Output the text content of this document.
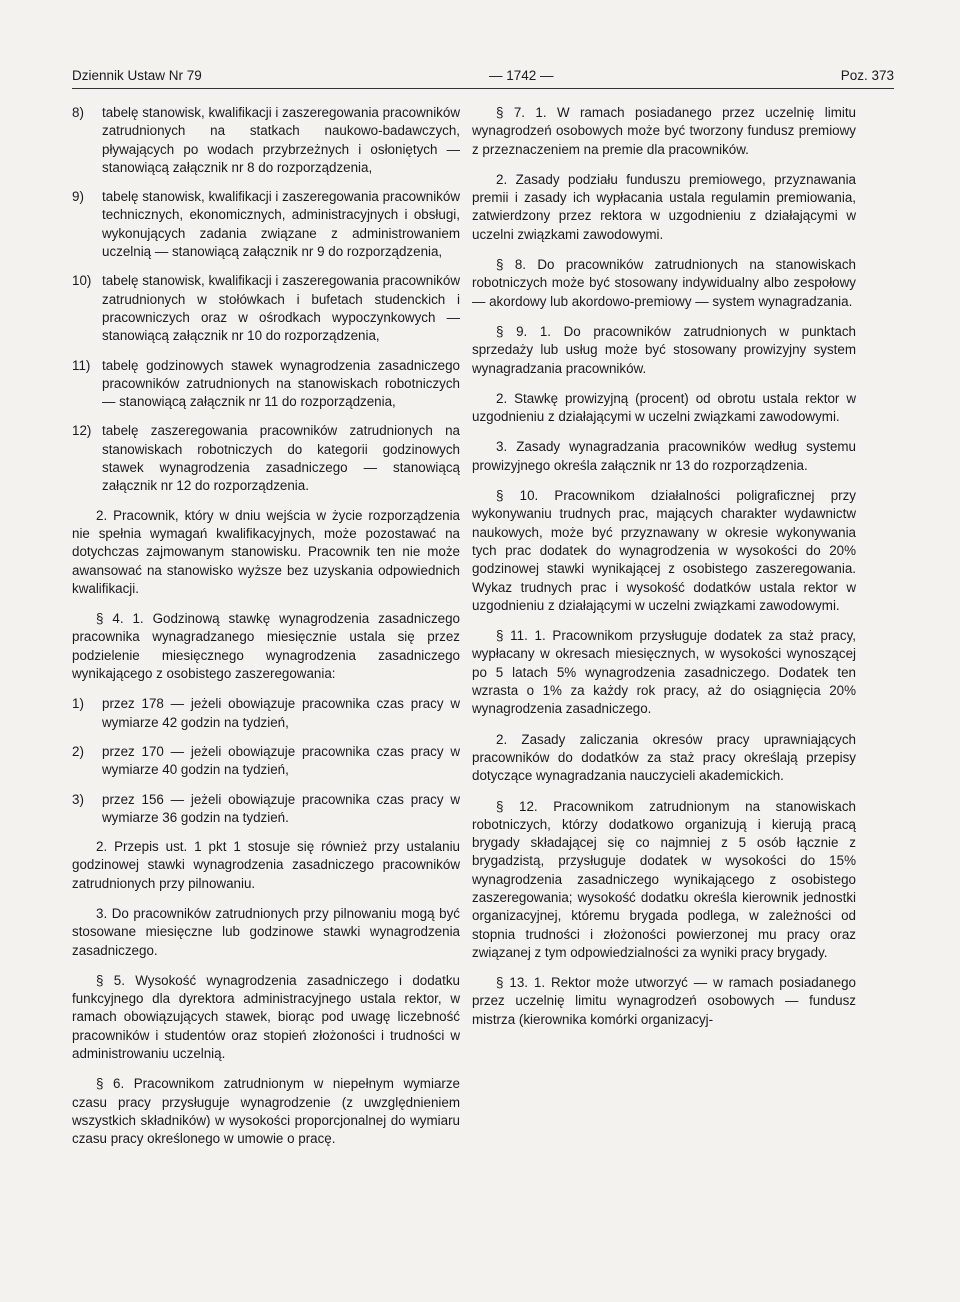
Dziennik Ustaw Nr 79	— 1742 —	Poz. 373
8)	tabelę stanowisk, kwalifikacji i zaszeregowania pracowników zatrudnionych na statkach naukowo-badawczych, pływających po wodach przybrzeżnych i osłoniętych — stanowiącą załącznik nr 8 do rozporządzenia,
9)	tabelę stanowisk, kwalifikacji i zaszeregowania pracowników technicznych, ekonomicznych, administracyjnych i obsługi, wykonujących zadania związane z administrowaniem uczelnią — stanowiącą załącznik nr 9 do rozporządzenia,
10) tabelę stanowisk, kwalifikacji i zaszeregowania pracowników zatrudnionych w stołówkach i bufetach studenckich i pracowniczych oraz w ośrodkach wypoczynkowych — stanowiącą załącznik nr 10 do rozporządzenia,
11) tabelę godzinowych stawek wynagrodzenia zasadniczego pracowników zatrudnionych na stanowiskach robotniczych — stanowiącą załącznik nr 11 do rozporządzenia,
12) tabelę zaszeregowania pracowników zatrudnionych na stanowiskach robotniczych do kategorii godzinowych stawek wynagrodzenia zasadniczego — stanowiącą załącznik nr 12 do rozporządzenia.

2. Pracownik, który w dniu wejścia w życie rozporządzenia nie spełnia wymagań kwalifikacyjnych, może pozostawać na dotychczas zajmowanym stanowisku. Pracownik ten nie może awansować na stanowisko wyższe bez uzyskania odpowiednich kwalifikacji.

§ 4. 1. Godzinową stawkę wynagrodzenia zasadniczego pracownika wynagradzanego miesięcznie ustala się przez podzielenie miesięcznego wynagrodzenia zasadniczego wynikającego z osobistego zaszeregowania:

1)	przez 178 — jeżeli obowiązuje pracownika czas pracy w wymiarze 42 godzin na tydzień,
2)	przez 170 — jeżeli obowiązuje pracownika czas pracy w wymiarze 40 godzin na tydzień,
3)	przez 156 — jeżeli obowiązuje pracownika czas pracy w wymiarze 36 godzin na tydzień.

2. Przepis ust. 1 pkt 1 stosuje się również przy ustalaniu godzinowej stawki wynagrodzenia zasadniczego pracowników zatrudnionych przy pilnowaniu.

3. Do pracowników zatrudnionych przy pilnowaniu mogą być stosowane miesięczne lub godzinowe stawki wynagrodzenia zasadniczego.

§ 5. Wysokość wynagrodzenia zasadniczego i dodatku funkcyjnego dla dyrektora administracyjnego ustala rektor, w ramach obowiązujących stawek, biorąc pod uwagę liczebność pracowników i studentów oraz stopień złożoności i trudności w administrowaniu uczelnią.

§ 6. Pracownikom zatrudnionym w niepełnym wymiarze czasu pracy przysługuje wynagrodzenie (z uwzględnieniem wszystkich składników) w wysokości proporcjonalnej do wymiaru czasu pracy określonego w umowie o pracę.

§ 7. 1. W ramach posiadanego przez uczelnię limitu wynagrodzeń osobowych może być tworzony fundusz premiowy z przeznaczeniem na premie dla pracowników.

2. Zasady podziału funduszu premiowego, przyznawania premii i zasady ich wypłacania ustala regulamin premiowania, zatwierdzony przez rektora w uzgodnieniu z działającymi w uczelni związkami zawodowymi.

§ 8. Do pracowników zatrudnionych na stanowiskach robotniczych może być stosowany indywidualny albo zespołowy — akordowy lub akordowo-premiowy — system wynagradzania.

§ 9. 1. Do pracowników zatrudnionych w punktach sprzedaży lub usług może być stosowany prowizyjny system wynagradzania pracowników.

2. Stawkę prowizyjną (procent) od obrotu ustala rektor w uzgodnieniu z działającymi w uczelni związkami zawodowymi.

3. Zasady wynagradzania pracowników według systemu prowizyjnego określa załącznik nr 13 do rozporządzenia.

§ 10. Pracownikom działalności poligraficznej przy wykonywaniu trudnych prac, mających charakter wydawnictw naukowych, może być przyznawany w okresie wykonywania tych prac dodatek do wynagrodzenia w wysokości do 20% godzinowej stawki wynikającej z osobistego zaszeregowania. Wykaz trudnych prac i wysokość dodatków ustala rektor w uzgodnieniu z działającymi w uczelni związkami zawodowymi.

§ 11. 1. Pracownikom przysługuje dodatek za staż pracy, wypłacany w okresach miesięcznych, w wysokości wynoszącej po 5 latach 5% wynagrodzenia zasadniczego. Dodatek ten wzrasta o 1% za każdy rok pracy, aż do osiągnięcia 20% wynagrodzenia zasadniczego.

2. Zasady zaliczania okresów pracy uprawniających pracowników do dodatków za staż pracy określają przepisy dotyczące wynagradzania nauczycieli akademickich.

§ 12. Pracownikom zatrudnionym na stanowiskach robotniczych, którzy dodatkowo organizują i kierują pracą brygady składającej się co najmniej z 5 osób łącznie z brygadzistą, przysługuje dodatek w wysokości do 15% wynagrodzenia zasadniczego wynikającego z osobistego zaszeregowania; wysokość dodatku określa kierownik jednostki organizacyjnej, któremu brygada podlega, w zależności od stopnia trudności i złożoności powierzonej mu pracy oraz związanej z tym odpowiedzialności za wyniki pracy brygady.

§ 13. 1. Rektor może utworzyć — w ramach posiadanego przez uczelnię limitu wynagrodzeń osobowych — fundusz mistrza (kierownika komórki organizacyj-
